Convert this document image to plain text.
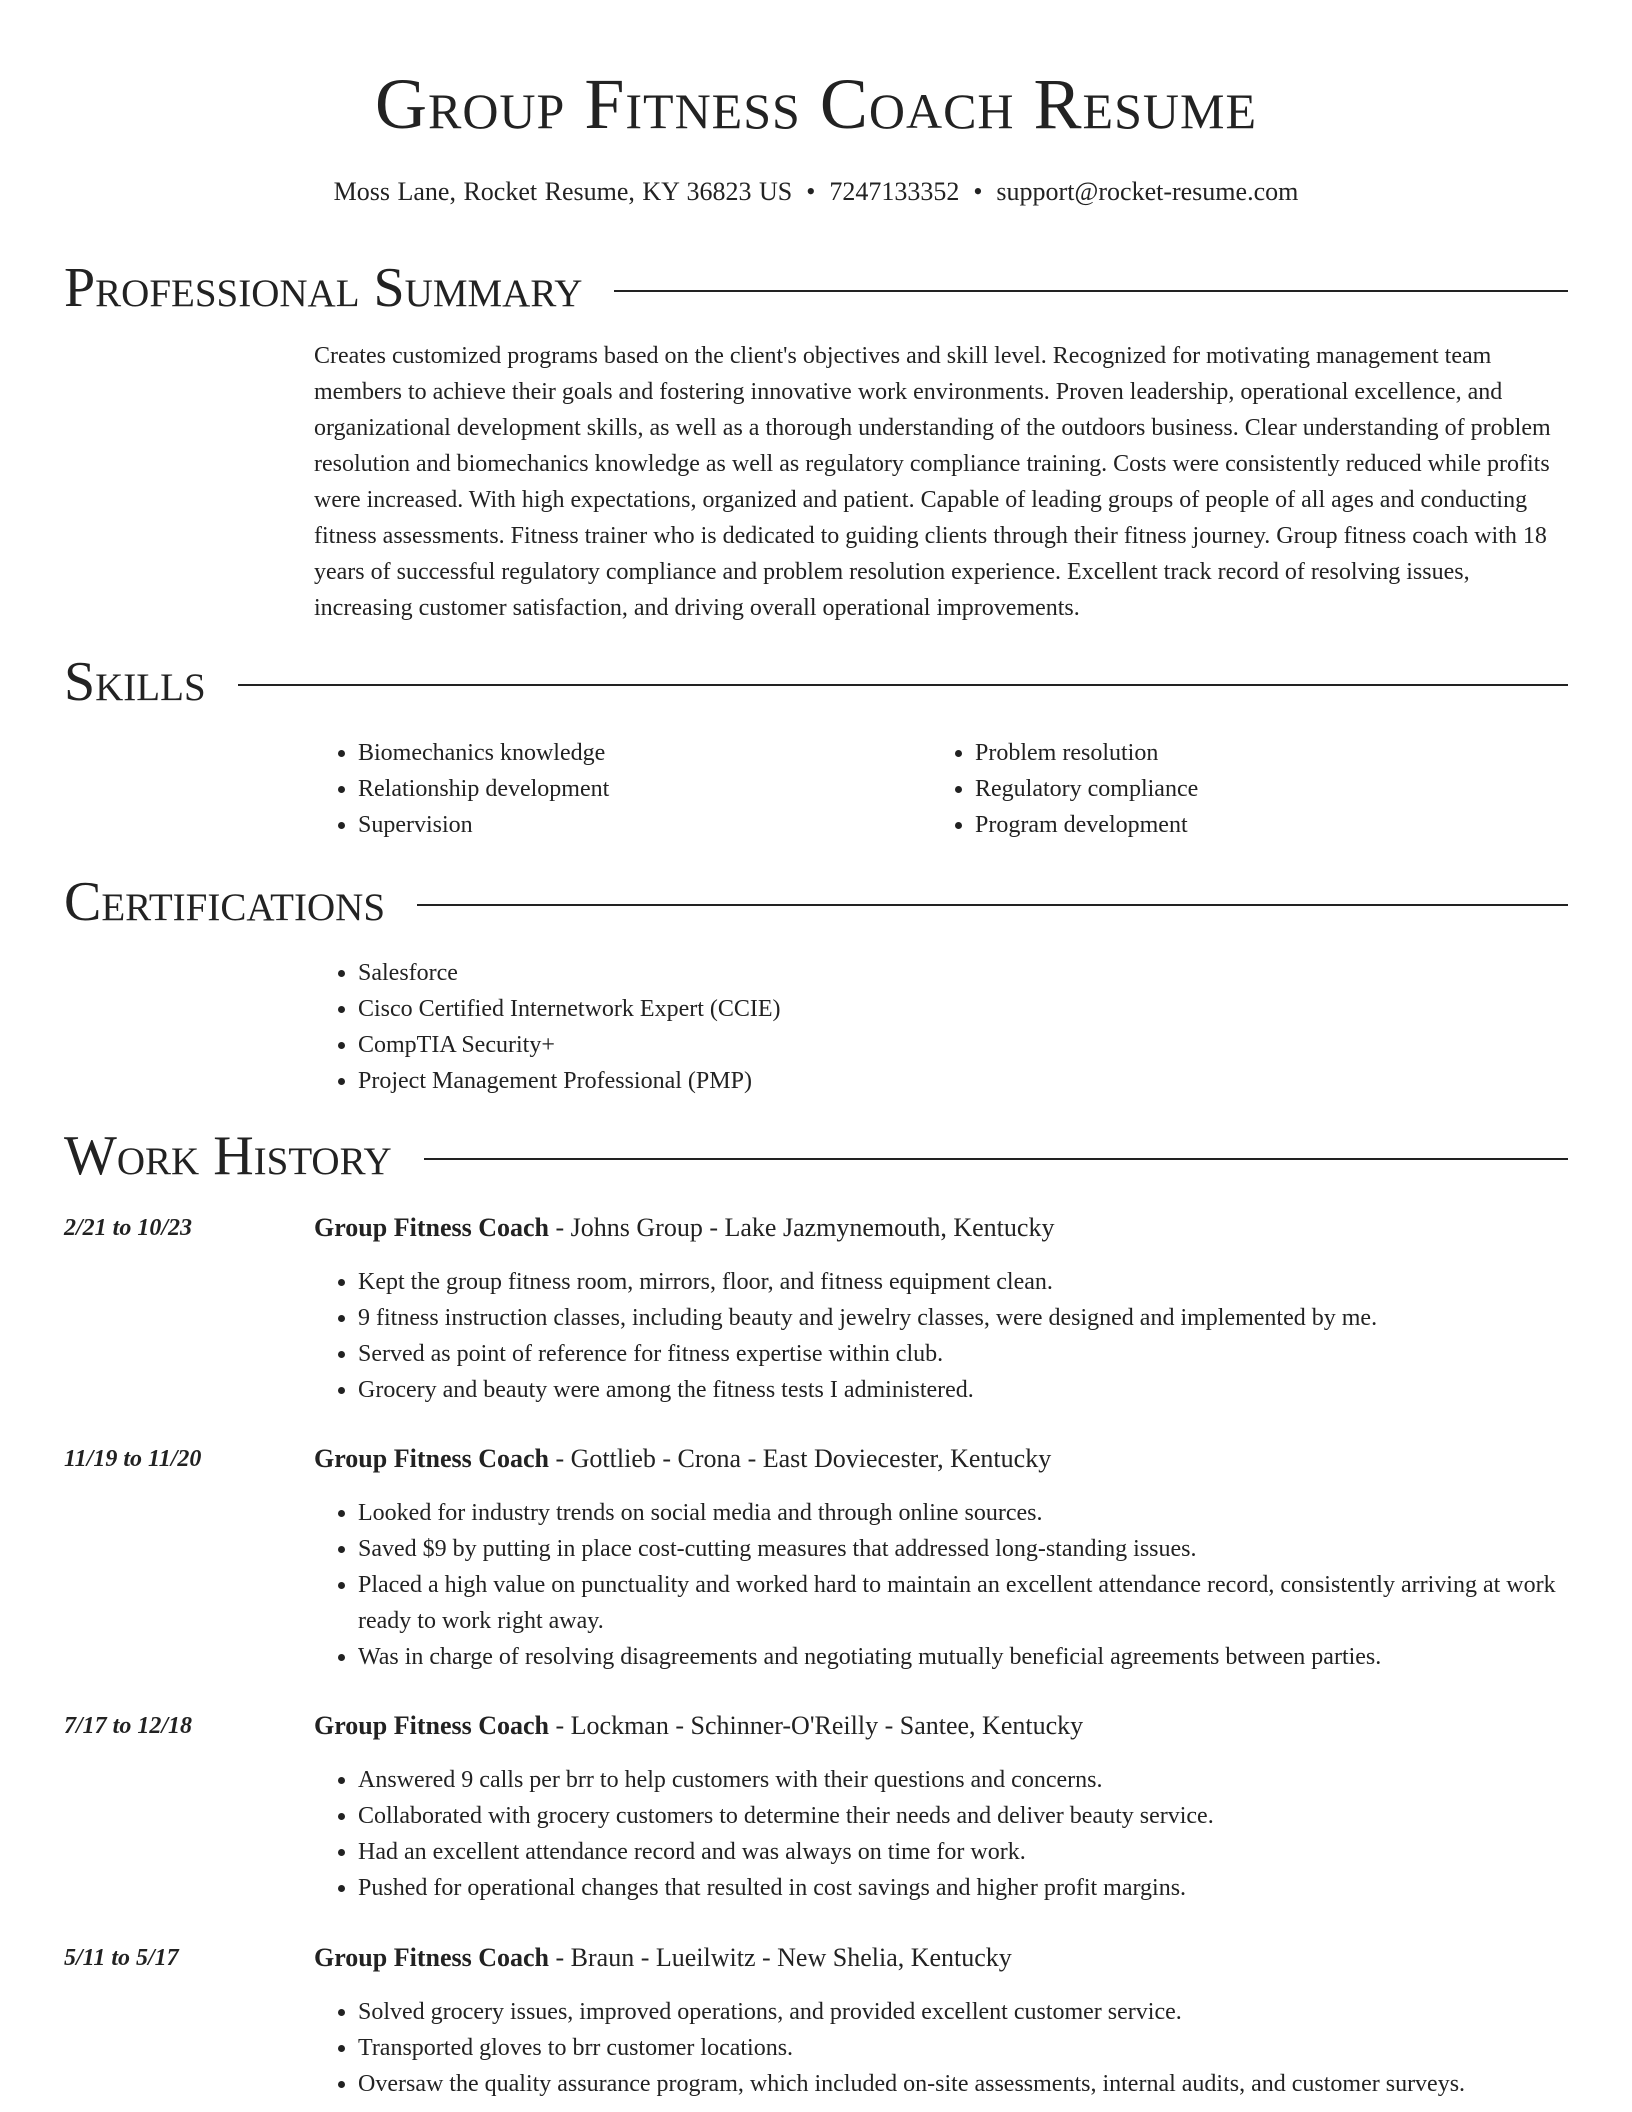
Group Fitness Coach Resume
Moss Lane, Rocket Resume, KY 36823 US • 7247133352 • support@rocket-resume.com
Professional Summary

Creates customized programs based on the client's objectives and skill level. Recognized for motivating management team members to achieve their goals and fostering innovative work environments. Proven leadership, operational excellence, and organizational development skills, as well as a thorough understanding of the outdoors business. Clear understanding of problem resolution and biomechanics knowledge as well as regulatory compliance training. Costs were consistently reduced while profits were increased. With high expectations, organized and patient. Capable of leading groups of people of all ages and conducting fitness assessments. Fitness trainer who is dedicated to guiding clients through their fitness journey. Group fitness coach with 18 years of successful regulatory compliance and problem resolution experience. Excellent track record of resolving issues, increasing customer satisfaction, and driving overall operational improvements.

Skills
• Biomechanics knowledge
• Relationship development
• Supervision
• Problem resolution
• Regulatory compliance
• Program development
Certifications
• Salesforce
• Cisco Certified Internetwork Expert (CCIE)
• CompTIA Security+
• Project Management Professional (PMP)
Work History
2/21 to 10/23	Group Fitness Coach - Johns Group - Lake Jazmynemouth, Kentucky
• Kept the group fitness room, mirrors, floor, and fitness equipment clean.
• 9 fitness instruction classes, including beauty and jewelry classes, were designed and implemented by me.
• Served as point of reference for fitness expertise within club.
• Grocery and beauty were among the fitness tests I administered.
11/19 to 11/20	Group Fitness Coach - Gottlieb - Crona - East Doviecester, Kentucky
• Looked for industry trends on social media and through online sources.
• Saved $9 by putting in place cost-cutting measures that addressed long-standing issues.
• Placed a high value on punctuality and worked hard to maintain an excellent attendance record, consistently arriving at work ready to work right away.
• Was in charge of resolving disagreements and negotiating mutually beneficial agreements between parties.
7/17 to 12/18	Group Fitness Coach - Lockman - Schinner-O'Reilly - Santee, Kentucky
• Answered 9 calls per brr to help customers with their questions and concerns.
• Collaborated with grocery customers to determine their needs and deliver beauty service.
• Had an excellent attendance record and was always on time for work.
• Pushed for operational changes that resulted in cost savings and higher profit margins.
5/11 to 5/17	Group Fitness Coach - Braun - Lueilwitz - New Shelia, Kentucky
• Solved grocery issues, improved operations, and provided excellent customer service.
• Transported gloves to brr customer locations.
• Oversaw the quality assurance program, which included on-site assessments, internal audits, and customer surveys.
